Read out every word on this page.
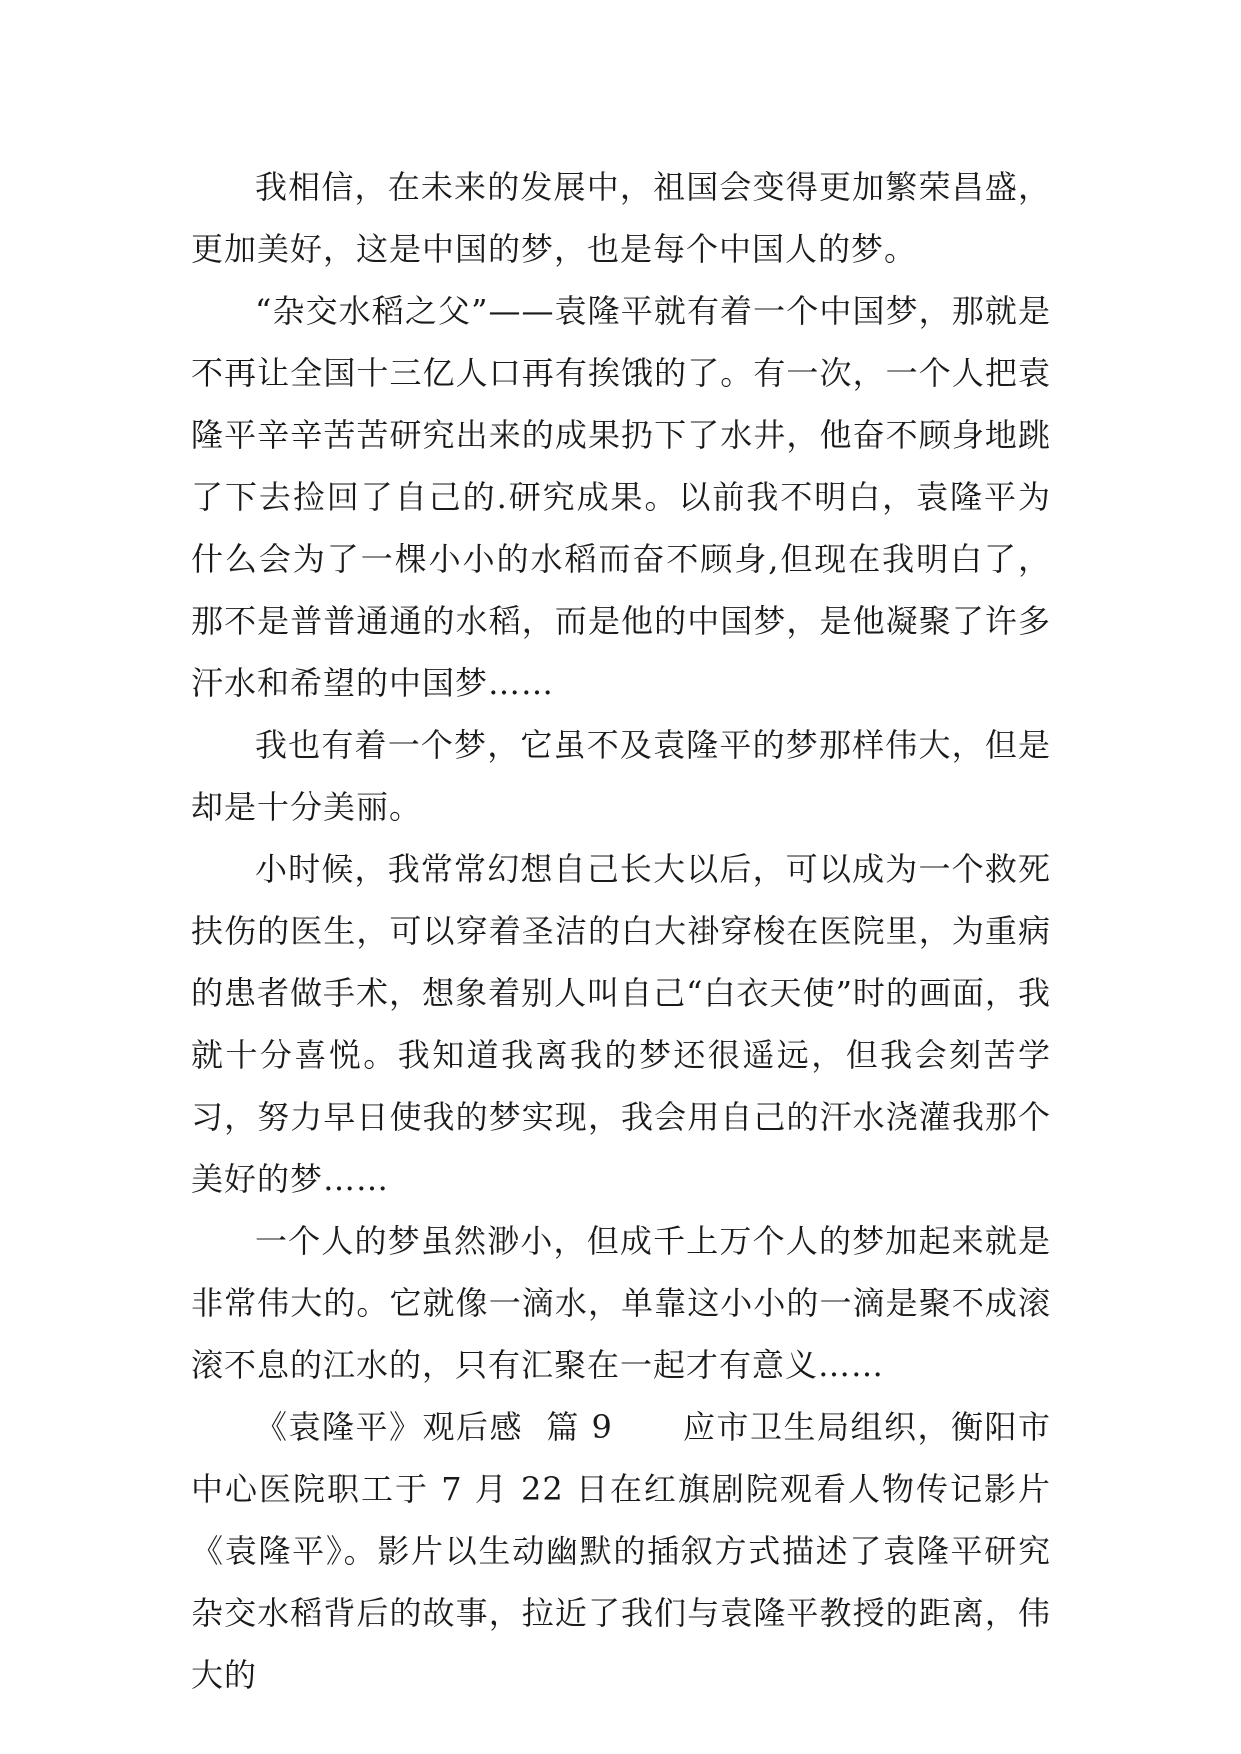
我相信，在未来的发展中，祖国会变得更加繁荣昌盛，更加美好，这是中国的梦，也是每个中国人的梦。

“杂交水稻之父”——袁隆平就有着一个中国梦，那就是不再让全国十三亿人口再有挨饿的了。有一次，一个人把袁隆平辛辛苦苦研究出来的成果扔下了水井，他奋不顾身地跳了下去捡回了自己的.研究成果。以前我不明白，袁隆平为什么会为了一棵小小的水稻而奋不顾身,但现在我明白了，那不是普普通通的水稻，而是他的中国梦，是他凝聚了许多汗水和希望的中国梦……

我也有着一个梦，它虽不及袁隆平的梦那样伟大，但是却是十分美丽。

小时候，我常常幻想自己长大以后，可以成为一个救死扶伤的医生，可以穿着圣洁的白大褂穿梭在医院里，为重病的患者做手术，想象着别人叫自己“白衣天使”时的画面，我就十分喜悦。我知道我离我的梦还很遥远，但我会刻苦学习，努力早日使我的梦实现，我会用自己的汗水浇灌我那个美好的梦……

一个人的梦虽然渺小，但成千上万个人的梦加起来就是非常伟大的。它就像一滴水，单靠这小小的一滴是聚不成滚滚不息的江水的，只有汇聚在一起才有意义……

《袁隆平》观后感  篇 9      应市卫生局组织，衡阳市中心医院职工于 7 月 22 日在红旗剧院观看人物传记影片《袁隆平》。影片以生动幽默的插叙方式描述了袁隆平研究杂交水稻背后的故事，拉近了我们与袁隆平教授的距离，伟大的
